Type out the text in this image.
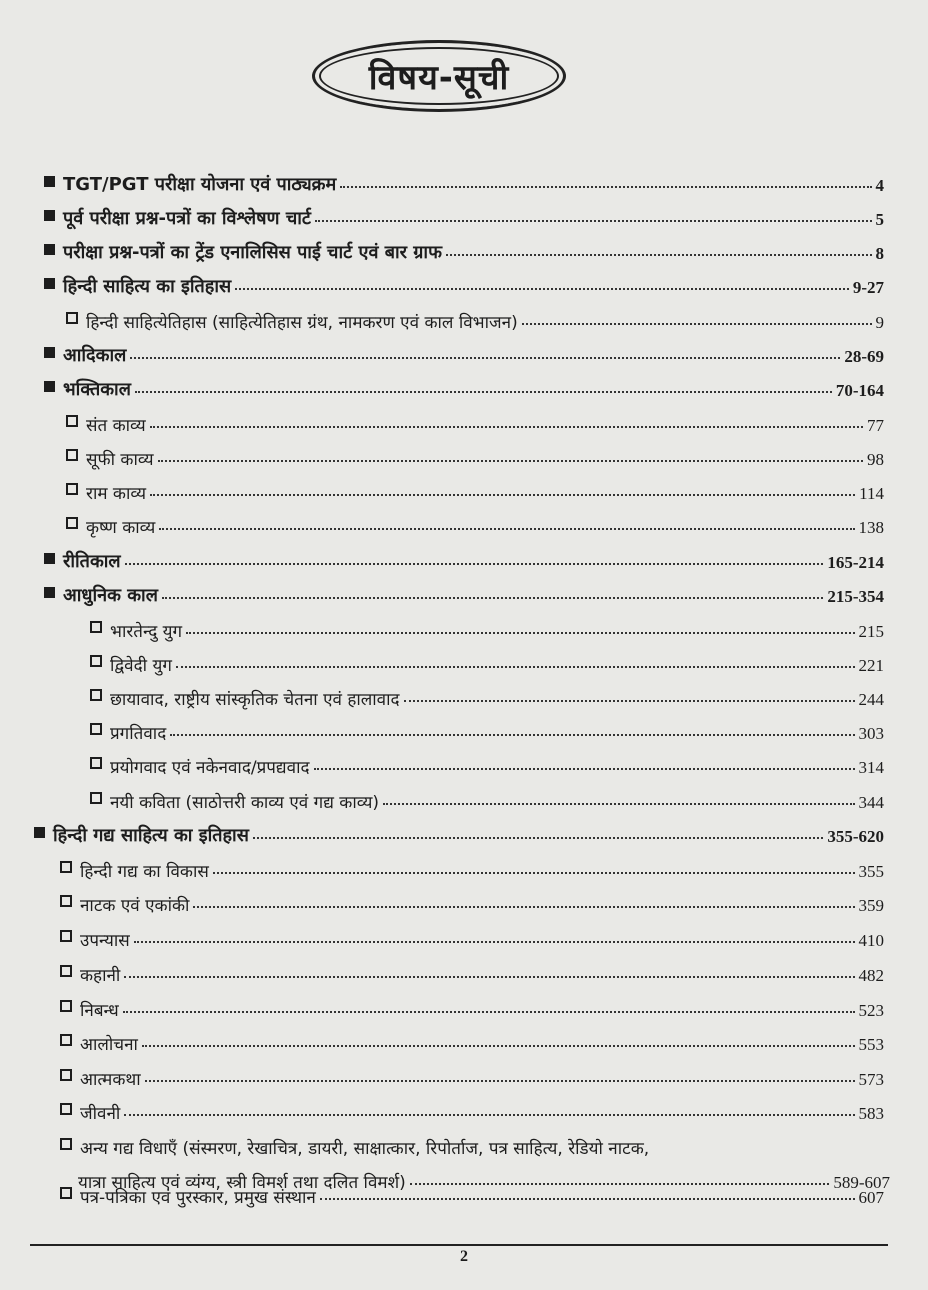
विषय-सूची
TGT/PGT परीक्षा योजना एवं पाठ्यक्रम	4
पूर्व परीक्षा प्रश्न-पत्रों का विश्लेषण चार्ट	5
परीक्षा प्रश्न-पत्रों का ट्रेंड एनालिसिस पाई चार्ट एवं बार ग्राफ	8
हिन्दी साहित्य का इतिहास	9-27
हिन्दी साहित्येतिहास (साहित्येतिहास ग्रंथ, नामकरण एवं काल विभाजन)	9
आदिकाल	28-69
भक्तिकाल	70-164
संत काव्य	77
सूफी काव्य	98
राम काव्य	114
कृष्ण काव्य	138
रीतिकाल	165-214
आधुनिक काल	215-354
भारतेन्दु युग	215
द्विवेदी युग	221
छायावाद, राष्ट्रीय सांस्कृतिक चेतना एवं हालावाद	244
प्रगतिवाद	303
प्रयोगवाद एवं नकेनवाद/प्रपद्यवाद	314
नयी कविता (साठोत्तरी काव्य एवं गद्य काव्य)	344
हिन्दी गद्य साहित्य का इतिहास	355-620
हिन्दी गद्य का विकास	355
नाटक एवं एकांकी	359
उपन्यास	410
कहानी	482
निबन्ध	523
आलोचना	553
आत्मकथा	573
जीवनी	583
अन्य गद्य विधाएँ (संस्मरण, रेखाचित्र, डायरी, साक्षात्कार, रिपोर्ताज, पत्र साहित्य, रेडियो नाटक,
यात्रा साहित्य एवं व्यंग्य, स्त्री विमर्श तथा दलित विमर्श)	589-607
पत्र-पत्रिका एवं पुरस्कार, प्रमुख संस्थान	607
2
